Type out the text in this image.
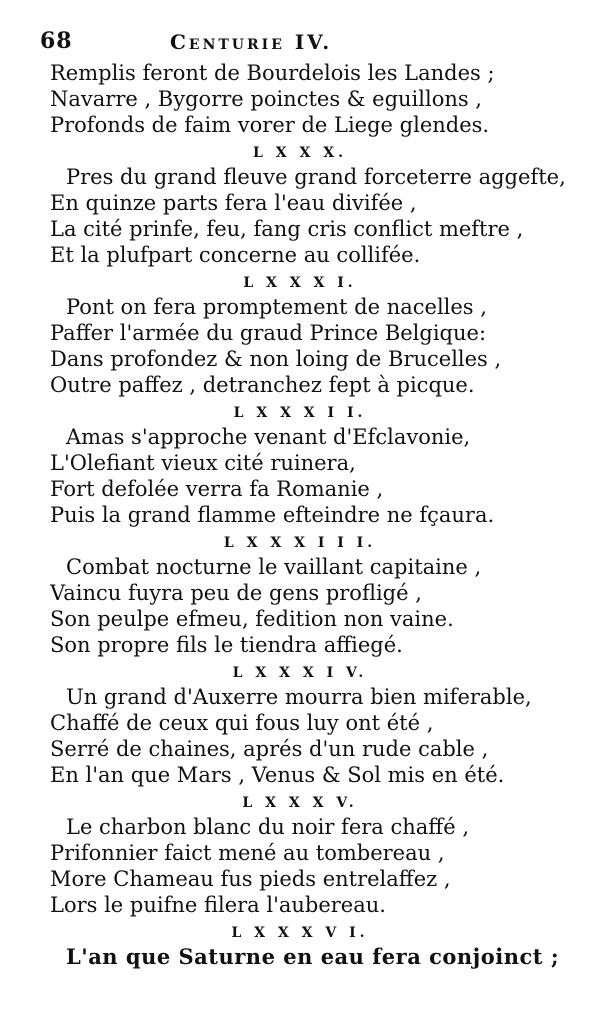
68	Centurie IV.
Remplis feront de Bourdelois les Landes ;
Navarre , Bygorre poinctes & eguillons ,
Profonds de faim vorer de Liege glendes.
L X X X.
Pres du grand fleuve grand forceterre aggefte,
En quinze parts fera l'eau divifée ,
La cité prinfe, feu, fang cris conflict meftre ,
Et la plufpart concerne au collifée.
L X X X I.
Pont on fera promptement de nacelles ,
Paffer l'armée du graud Prince Belgique:
Dans profondez & non loing de Brucelles ,
Outre paffez , detranchez fept à picque.
L X X X I I.
Amas s'approche venant d'Efclavonie,
L'Olefiant vieux cité ruinera,
Fort defolée verra fa Romanie ,
Puis la grand flamme efteindre ne fçaura.
L X X X I I I.
Combat nocturne le vaillant capitaine ,
Vaincu fuyra peu de gens profligé ,
Son peulpe efmeu, fedition non vaine.
Son propre fils le tiendra affiegé.
L X X X I V.
Un grand d'Auxerre mourra bien miferable,
Chaffé de ceux qui fous luy ont été ,
Serré de chaines, aprés d'un rude cable ,
En l'an que Mars , Venus & Sol mis en été.
L X X X V.
Le charbon blanc du noir fera chaffé ,
Prifonnier faict mené au tombereau ,
More Chameau fus pieds entrelaffez ,
Lors le puifne filera l'aubereau.
L X X X V I.
L'an que Saturne en eau fera conjoinct ;
